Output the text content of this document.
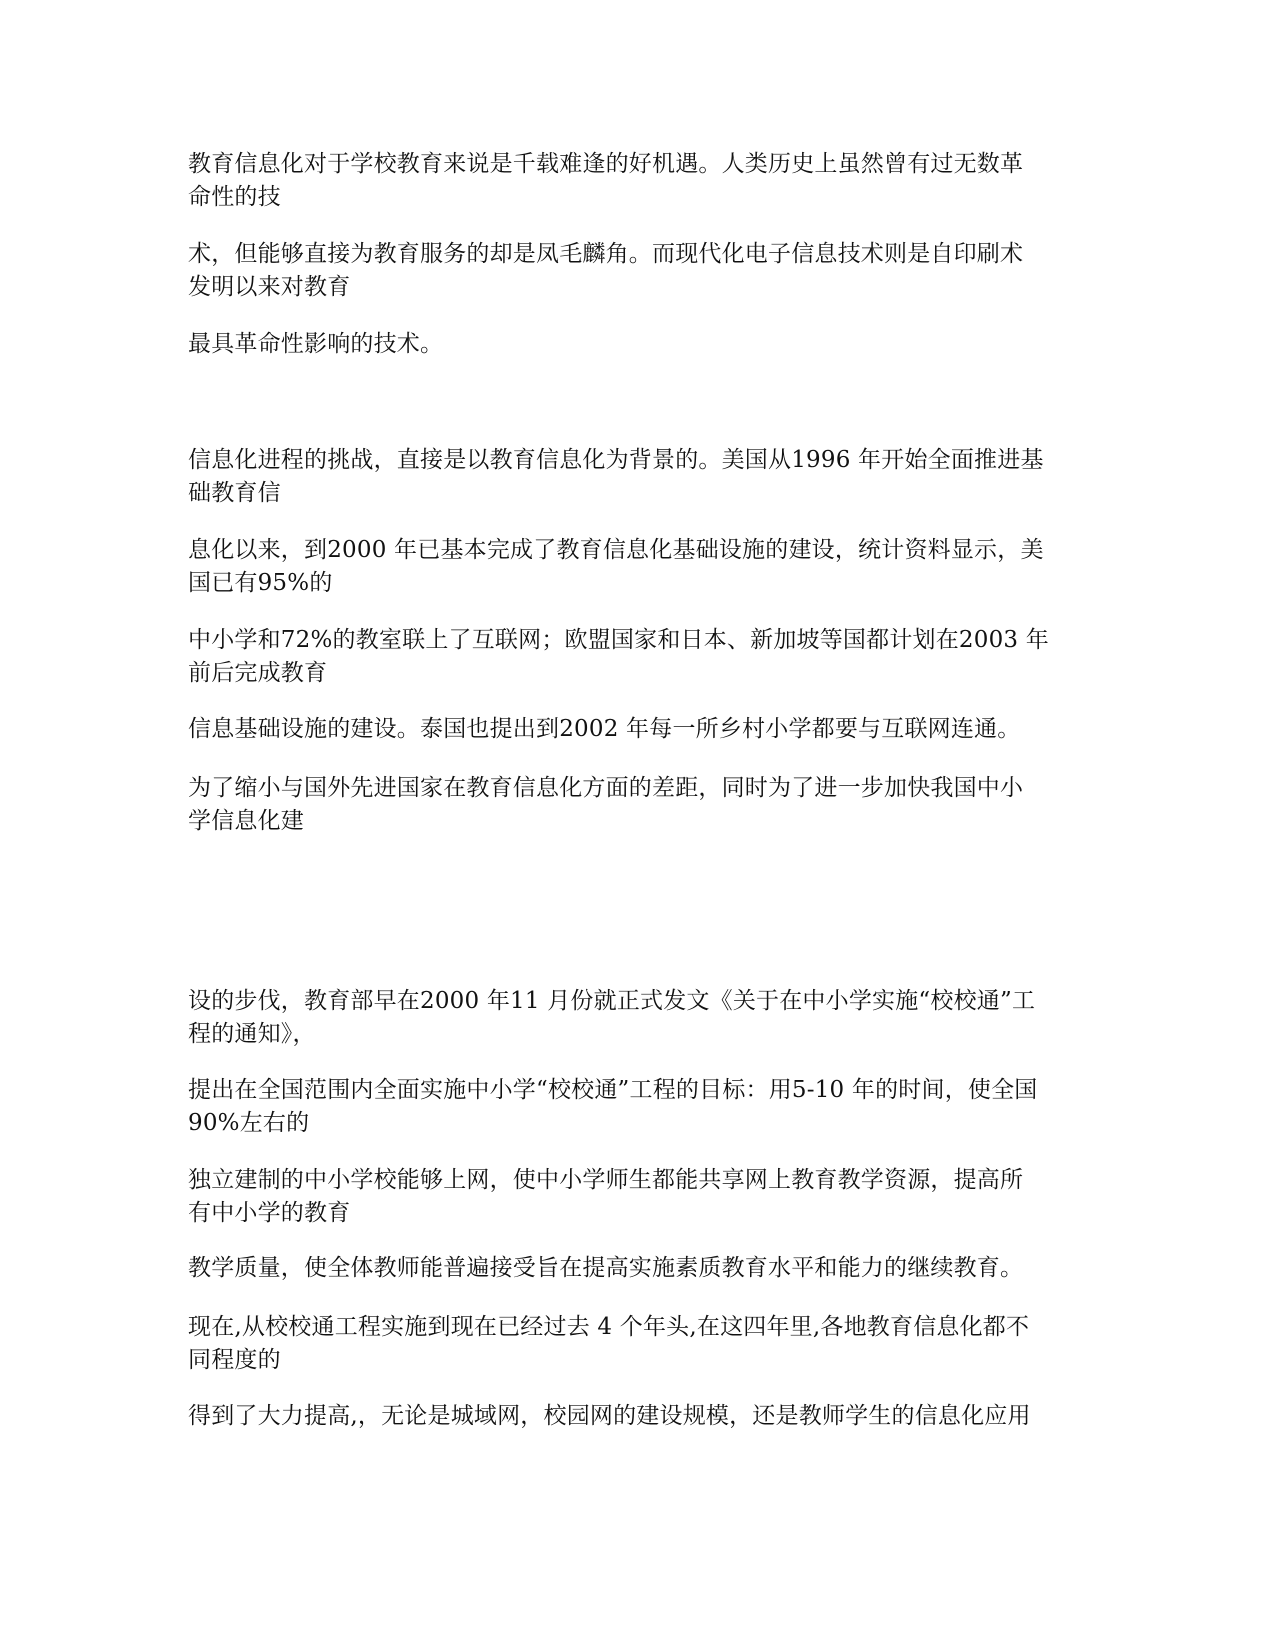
教育信息化对于学校教育来说是千载难逢的好机遇。人类历史上虽然曾有过无数革
命性的技

术，但能够直接为教育服务的却是凤毛麟角。而现代化电子信息技术则是自印刷术
发明以来对教育

最具革命性影响的技术。

信息化进程的挑战，直接是以教育信息化为背景的。美国从1996 年开始全面推进基
础教育信

息化以来，到2000 年已基本完成了教育信息化基础设施的建设，统计资料显示，美
国已有95%的

中小学和72%的教室联上了互联网；欧盟国家和日本、新加坡等国都计划在2003 年
前后完成教育

信息基础设施的建设。泰国也提出到2002 年每一所乡村小学都要与互联网连通。

为了缩小与国外先进国家在教育信息化方面的差距，同时为了进一步加快我国中小
学信息化建

设的步伐，教育部早在2000 年11 月份就正式发文《关于在中小学实施“校校通”工
程的通知》，

提出在全国范围内全面实施中小学“校校通”工程的目标：用5-10 年的时间，使全国
90%左右的

独立建制的中小学校能够上网，使中小学师生都能共享网上教育教学资源，提高所
有中小学的教育

教学质量，使全体教师能普遍接受旨在提高实施素质教育水平和能力的继续教育。

现在,从校校通工程实施到现在已经过去 4 个年头,在这四年里,各地教育信息化都不
同程度的

得到了大力提高,，无论是城域网，校园网的建设规模，还是教师学生的信息化应用
